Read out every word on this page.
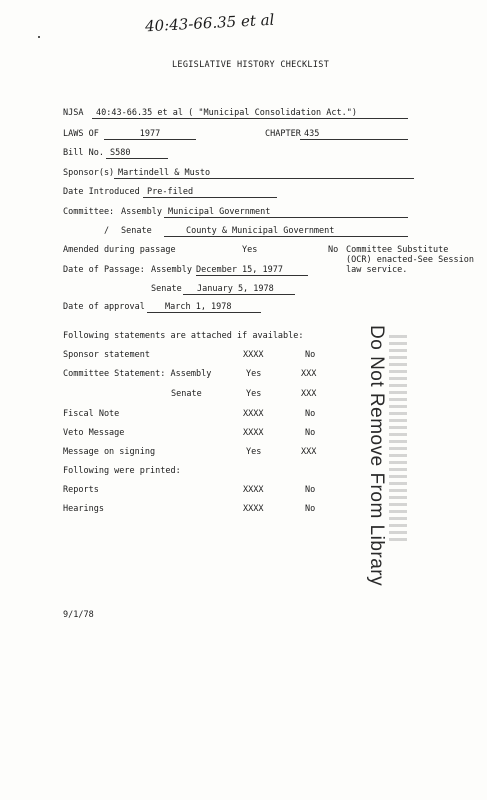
40:43-66.35 et al
LEGISLATIVE HISTORY CHECKLIST
NJSA	40:43-66.35 et al ( "Municipal Consolidation Act.")
LAWS OF	1977	CHAPTER 435
Bill No. S580
Sponsor(s) Martindell & Musto
Date Introduced Pre-filed
Committee: Assembly Municipal Government
/ Senate	County & Municipal Government
Amended during passage	Yes	No Committee Substitute
(OCR) enacted-See Session
law service.
Date of Passage: Assembly December 15, 1977
Senate	January 5, 1978
Date of approval	March 1, 1978
Following statements are attached if available:
Sponsor statement	XXXX	No
Committee Statement: Assembly	Yes	XXX
Senate	Yes	XXX
Fiscal Note	XXXX	No
Veto Message	XXXX	No
Message on signing	Yes	XXX
Following were printed:
Reports	XXXX	No
Hearings	XXXX	No	Do Not Remove From Library
9/1/78
